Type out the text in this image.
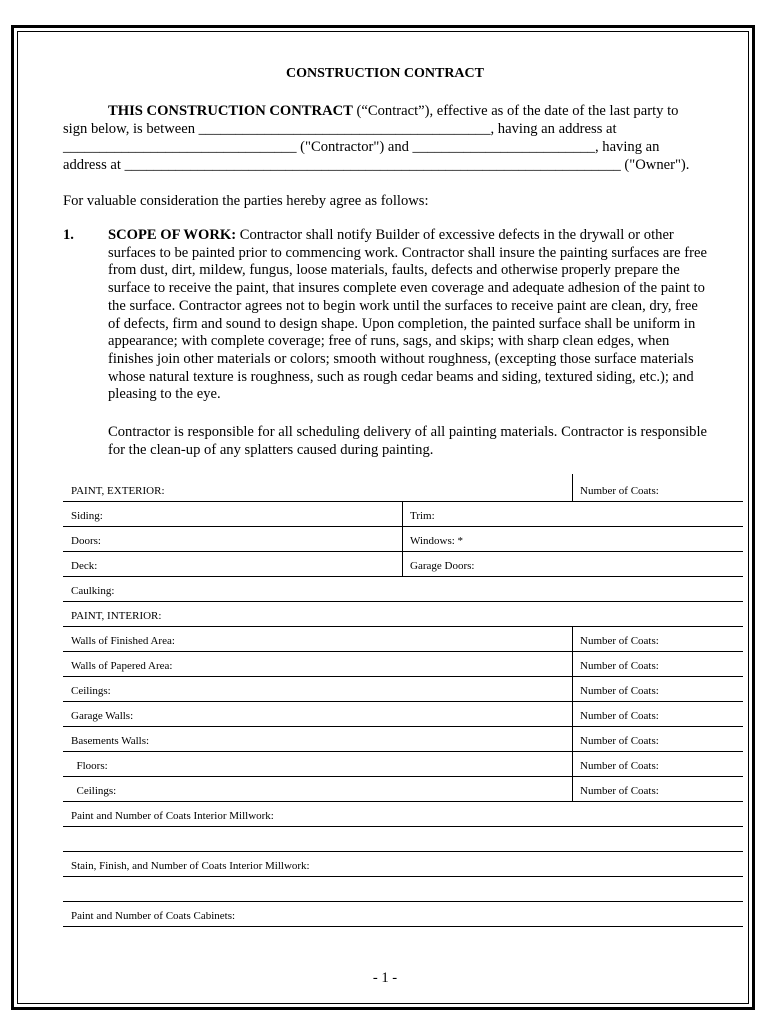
CONSTRUCTION CONTRACT
THIS CONSTRUCTION CONTRACT (“Contract”), effective as of the date of the last party to
sign below, is between ________________________________________, having an address at
________________________________ ("Contractor") and _________________________, having an
address at ____________________________________________________________________ ("Owner").
For valuable consideration the parties hereby agree as follows:
1. SCOPE OF WORK: Contractor shall notify Builder of excessive defects in the drywall or other surfaces to be painted prior to commencing work. Contractor shall insure the painting surfaces are free from dust, dirt, mildew, fungus, loose materials, faults, defects and otherwise properly prepare the surface to receive the paint, that insures complete even coverage and adequate adhesion of the paint to the surface. Contractor agrees not to begin work until the surfaces to receive paint are clean, dry, free of defects, firm and sound to design shape. Upon completion, the painted surface shall be uniform in appearance; with complete coverage; free of runs, sags, and skips; with sharp clean edges, when finishes join other materials or colors; smooth without roughness, (excepting those surface materials whose natural texture is roughness, such as rough cedar beams and siding, textured siding, etc.); and pleasing to the eye.
Contractor is responsible for all scheduling delivery of all painting materials. Contractor is responsible for the clean-up of any splatters caused during painting.
PAINT, EXTERIOR:	Number of Coats:
Siding:	Trim:
Doors:	Windows: *
Deck:	Garage Doors:
Caulking:
PAINT, INTERIOR:
Walls of Finished Area:	Number of Coats:
Walls of Papered Area:	Number of Coats:
Ceilings:	Number of Coats:
Garage Walls:	Number of Coats:
Basements Walls:	Number of Coats:
Floors:	Number of Coats:
Ceilings:	Number of Coats:
Paint and Number of Coats Interior Millwork:
Stain, Finish, and Number of Coats Interior Millwork:
Paint and Number of Coats Cabinets:
- 1 -
